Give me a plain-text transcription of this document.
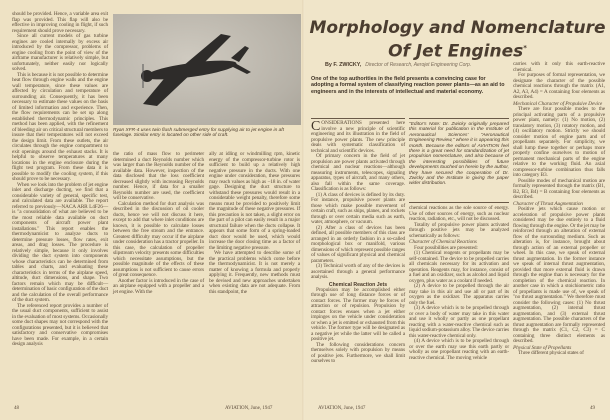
should be provided. Hence, a variable area exit flap was provided. This flap will also be effective in improving cooling in flight, if such requirement should prove necessary.

Since all current models of gas turbine engines are cooled internally by excess air introduced by the compressor, problems of engine cooling from the point of view of the airframe manufacturer is relatively simple, but unfortunately, neither easily nor logically solved.

This is because it is not possible to determine heat flow through engine walls and the engine wall temperature, since these values are affected by circulation and temperature of surrounding air. Consequently, it has been necessary to estimate these values on the basis of limited information and experience. Then, the flow requirements can be set up along established thermodynamic principles. This method has been applied, with the refinement of bleeding air on critical structural members to insure that their temperatures will not exceed the design limit. From these outlets, the air circulates through the engine compartment to exit openings around the exhaust stacks. It is helpful to observe temperatures at many locations in the engine enclosure during the flight test program. From these data it is possible to modify the cooling system, if this should prove to be necessary.

When we look into the problem of jet engine inlet and discharge ducting, we find that a considerable variety of general, specific test, and calculated data are available. The report referred to previously—NACA ARR L4F26—is "a consolidation of what are believed to be the most reliable data available on duct components of aircraft power plant installations." This report enables the thermodynamicist to analyze ducts to determine pressure losses, flow rates, exit areas, and drag losses. The procedure is relatively simple, because it only involves dividing the duct system into components whose characteristics can be determined from tables and charts, and evaluating these characteristics in terms of the airplane speed, altitude, duct dimensions, and shape. Two factors remain which may be difficult—determination of basic configuration of the duct and the calculation of the overall performance of the duct system.

The referenced report provides a number of the usual duct components, sufficient to assist in the evaluation of most systems. Occasionally some duct shapes may not correspond with the configurations presented, but it is believed that satisfactory and conservative compromises have been made. For example, in a certain design analysis

Ryan XFR-4 uses twin flush submerged entry for supplying air to jet engine in aft fuselage. Similar entry is located on other side of craft.

the ratio of mass flow to perimeter determined a duct Reynolds number which was larger than the Reynolds number of the available data. However, inspection of the data disclosed that the loss coefficient decreased slightly with increasing Reynolds number. Hence, if data for a smaller Reynolds number are used, the coefficient will be conservative.

Calculation method for duct analysis was described in the discussion of oil cooler ducts, hence we will not discuss it here, except to add that where inlet conditions are known, it is possible to calculate losses between the free stream and the entrance. Greatest difficulty may occur if the airplane under consideration has a tractor propeller. In this case, the calculation of propeller slipstream velocity presents some difficulties which necessitate assumptions, but the possible magnitude of the effects of these assumptions is not sufficient to cause errors of great consequence.

Another factor is introduced in the case of an airplane equipped with a propeller and a jet engine. With the

ally at idling or windmilling rpm, kinetic energy of the compressor-turbine rotor is sufficient to build up a relatively high negative pressure in the ducts. With one engine under consideration, these pressures may reach values as high as −18 in. of water gage. Designing the duct structure to withstand these pressures would result in a considerable weight penalty, therefore some means must be provided to positively limit the magnitude of these negative pressures. If this precaution is not taken, a slight error on the part of a pilot can easily result in a major structural failure when the ducts collapse. It appears that some form of a spring-loaded duct door would be used, which would increase the door closing time as a factor of the limiting negative pressure.

We have attempted to describe some of the practical problems which come before the thermodynamicist. It is not merely a matter of knowing a formula and properly applying it. Frequently, new methods must be devised and new approaches undertaken when existing data are not adequate. From this standpoint, the

48	AVIATION, June, 1947
Morphology and Nomenclature
Of Jet Engines*
By F. ZWICKY, Director of Research, Aerojet Engineering Corp.
One of the top authorities in the field presents a convincing case for adopting a formal system of classifying reaction power plants—as an aid to engineers and in the interests of intellectual and material economy.

CONSIDERATIONS presented here involve a new principle of scientific engineering and its illustration in the field of propulsive power plants. The new principle deals with systematic classification of technical and scientific devices.

Of primary concern in the field of jet propulsion are power plants activated through chemical and nuclear reactions—although measuring instruments, telescopes, signaling apparatus, types of aircraft, and many others, also fall within the same coverage. Classification is as follows:

(1) A class of devices is defined by its duty. For instance, propulsive power plants are those which make possible movement of certain craft, such as ships, planes, and rockets through or over certain media such as earth, water, atmosphere, or vacuum.

(2) After a class of devices has been defined, all possible members of this class are arranged in an orderly fashion in a so-called morphological box or manifold, various dimensions of which represent possible ranges of values of significant physical and chemical parameters.

(3) Technical worth of any of the devices is ascertained through a general performance analysis.

Chemical Reaction Jets

Propulsion may be accomplished either through use of long distance forces or of contact forces. The former may be forces of attraction or of repulsion. Propulsion by contact forces ensues when a jet either impinges on the vehicle under consideration or when a jet is emitted or exhausted from this vehicle. The former type will be designated as a negative jet while the latter will be called a positive jet.

The following considerations concern themselves solely with propulsion by means of positive jets. Furthermore, we shall limit ourselves to

"Editor's Note: Dr. Zwicky originally prepared this material for publication in the Institute of Aeronautical Sciences' "Aeronautical Engineering Review," where it is appearing this month. Because the editors of AVIATION feel there is a great need for standardization of jet propulsion nomenclature, and also because of the interesting possibilities of future developments touched on herein by the author, they have secured the cooperation of Dr. Zwicky and the Institute in giving the paper wider distribution.

chemical reactions as the sole source of energy. Use of other sources of energy, such as nuclear reaction, radiation, etc., will not be discussed.

Totality of propulsive power plants activated through positive jets may be analyzed schematically as follows:

Character of Chemical Reactions

Four possibilities are presented:

(1) Chemical reagents or propellants may be self-contained. The device to be propelled carries all chemicals necessary for its activation and operation. Reagents may, for instance, consist of a fuel and an oxidizer, such as alcohol and liquid oxygen, plus water as a coolant if needed.

(2) A device to be propelled through the air may take in this air and use all or part of its oxygen as the oxidizer. The apparatus carries only the fuel.

(3) A device which is to be propelled through or over a body of water may take in this water and use it wholly or partly as one propellant reacting with a water-reactive chemical such as liquid sodium-potassium alloy. The device carries this water-reactive chemical only.

(4) A device which is to be propelled through or over the earth may use this earth partly or wholly as one propellant reacting with an earth-reactive chemical. The moving vehicle

carries with it only this earth-reactive chemical.

For purposes of formal representation, we designate the character of the possible chemical reactions through the matrix (A1, A2, A3, A4) = A containing four elements as described.

Mechanical Character of Propulsive Device

There are four possible modes to the principal activating parts of a propulsive power plant, namely: (1) No motion, (2) translatory motion, (3) rotatory motion, and (4) oscillatory motion. Strictly we should consider motion of engine parts and of propellants separately. For simplicity, we shall lump these together or perhaps more properly confine ourselves to motion of permanent mechanical parts of the engine relative to the working fluid. An axial compressor-turbine combination thus falls into category B3.

Possible modes of mechanical motion are formally represented through the matrix (B1, B2, B3, B4) = B containing four elements as described.

Character of Thrust Augmentation

Positive jets which cause motion or acceleration of propulsive power plants considered may be due entirely to a fluid flowing through the engine. Or the jet may be reinforced through an alteration of external flow of the surrounding medium. Such as alteration is, for instance, brought about through action of an external propeller or wheel. In this case, we speak of external thrust augmentation. In the former instance we speak of internal thrust augmentation, provided that more external fluid is drawn through the engine than is necessary for the completion of the chemical reaction. In another case in which a stoichiometric ratio of propellants is made use of, we speak of "no thrust augmentation." We therefore must consider the following cases: (1) No thrust augmentation, (2) internal thrust augmentation, and (3) external thrust augmentation. The possible characters of the thrust augmentation are formally represented through the matrix (C1, C2, C3) = C containing three distinct elements as described.

Physical State of Propellants

Three different physical states of

AVIATION, June, 1947	49
